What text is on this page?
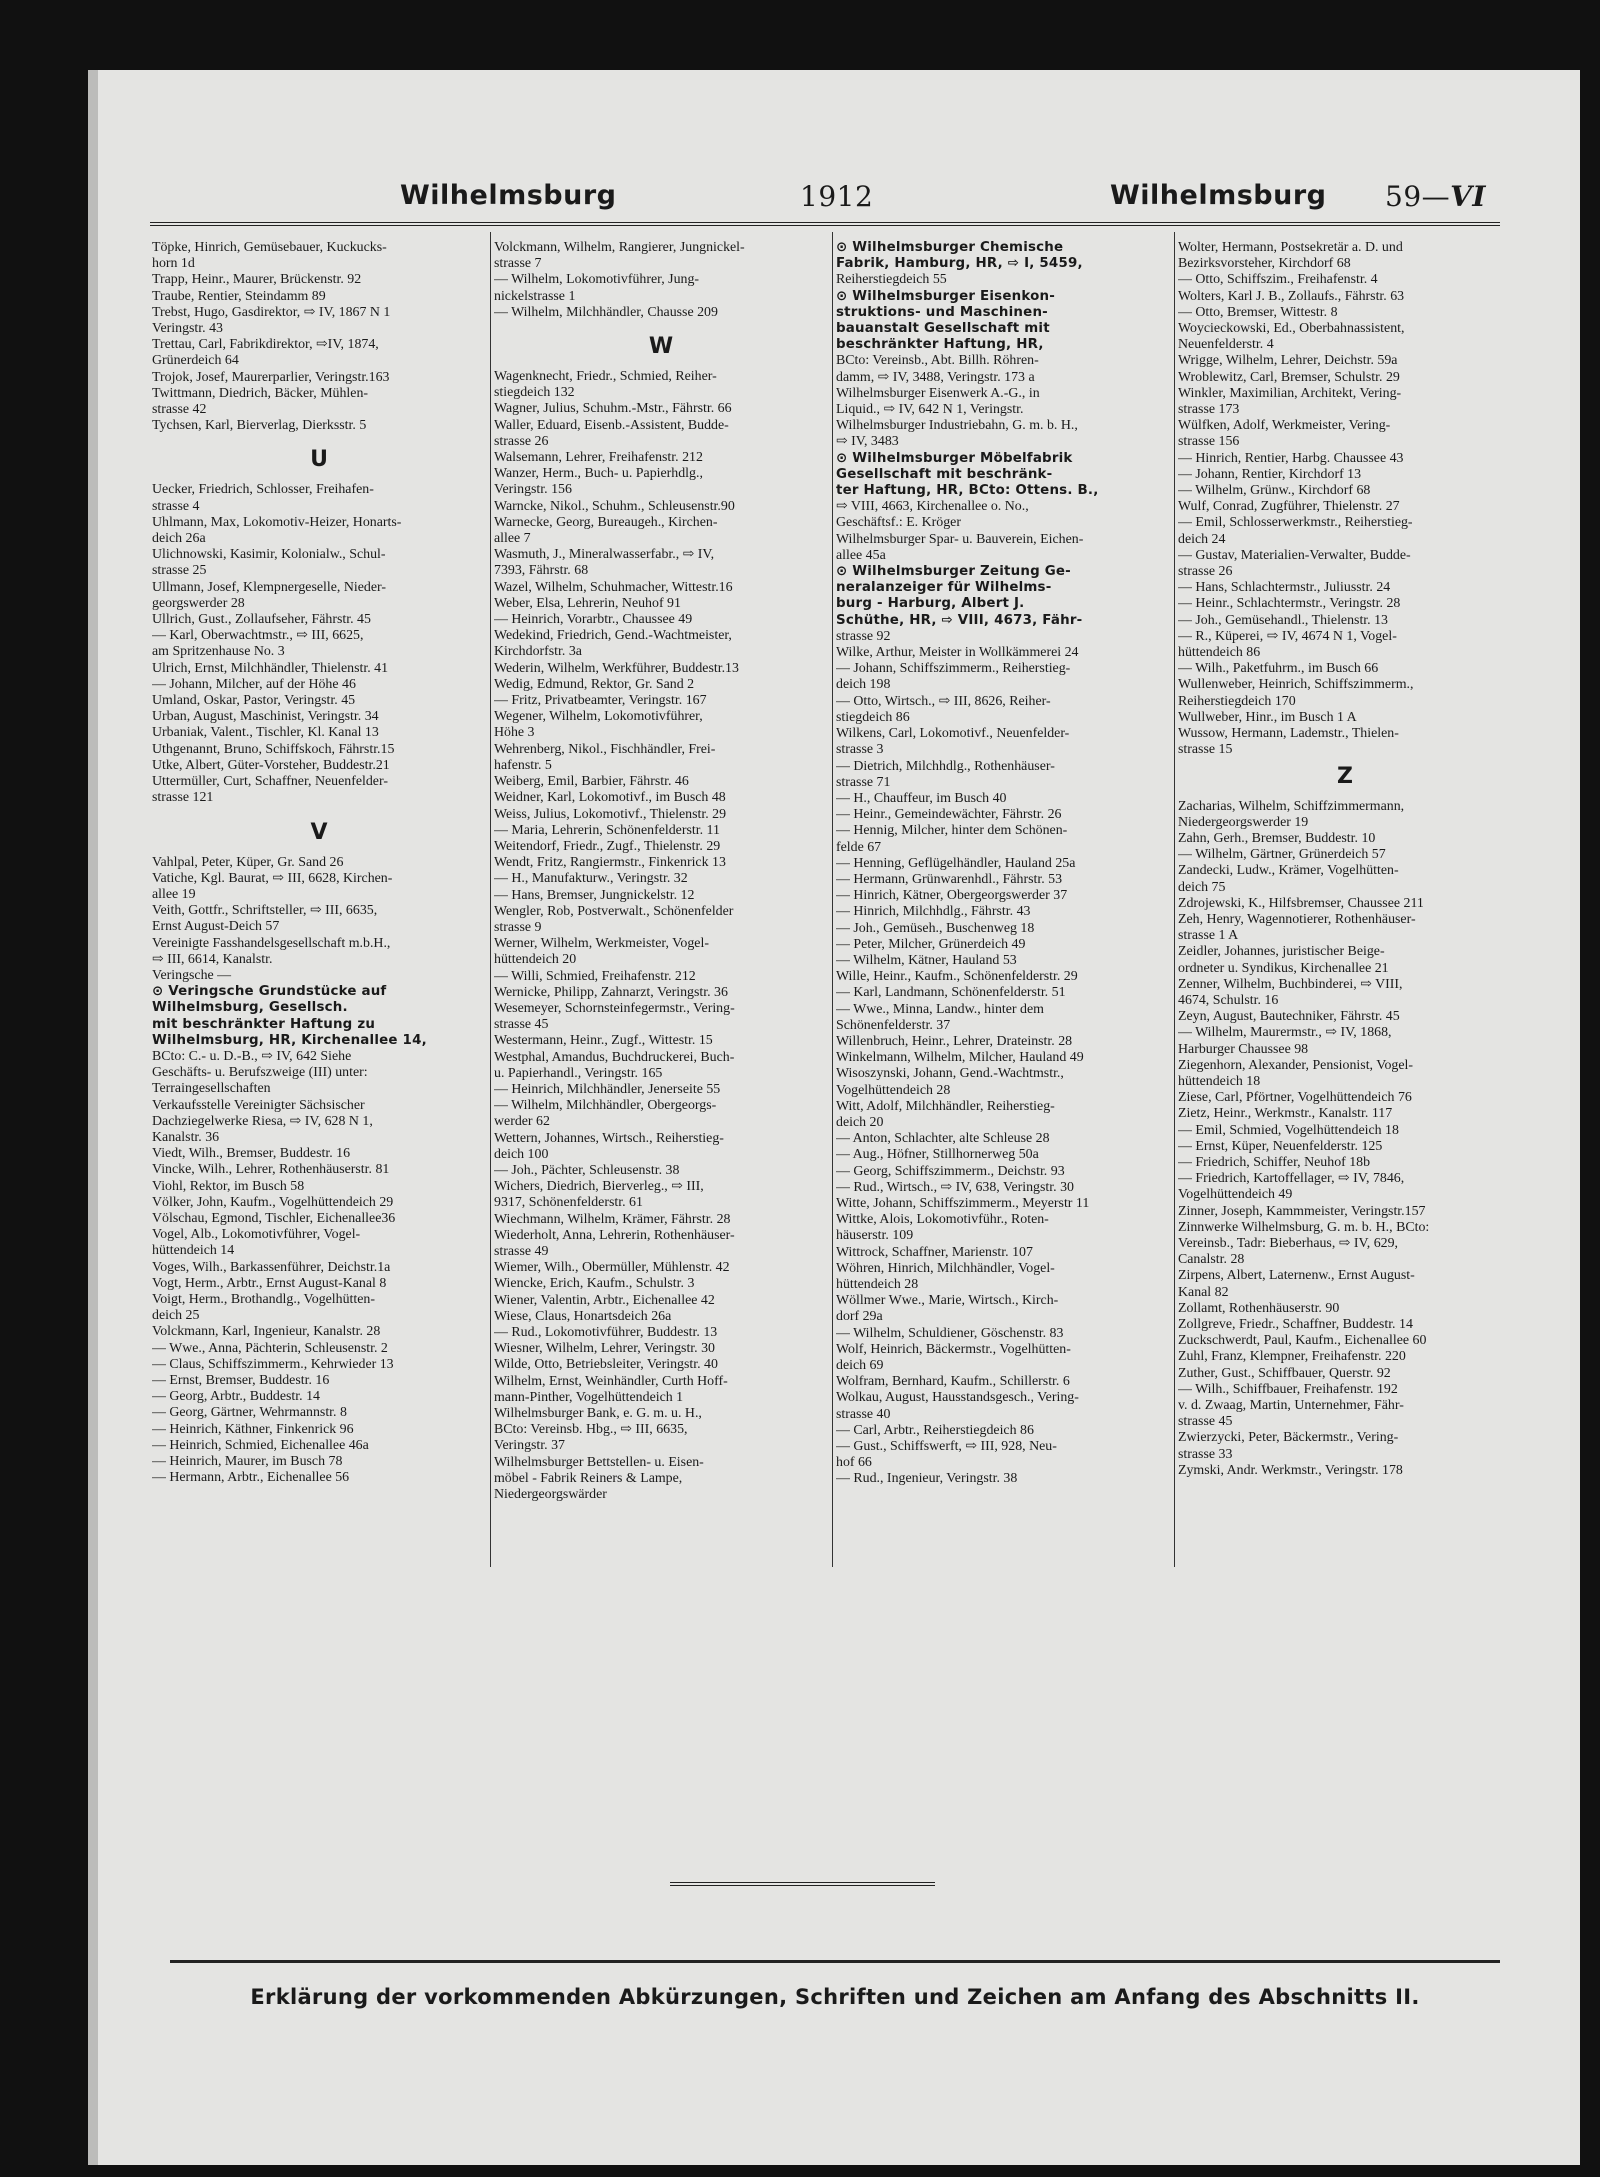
Wilhelmsburg	1912	Wilhelmsburg 59—VI
Töpke, Hinrich, Gemüsebauer, Kuckucks-
horn 1d
Trapp, Heinr., Maurer, Brückenstr. 92
Traube, Rentier, Steindamm 89
Trebst, Hugo, Gasdirektor, ⇨ IV, 1867 N 1
Veringstr. 43
Trettau, Carl, Fabrikdirektor, ⇨IV, 1874,
Grünerdeich 64
Trojok, Josef, Maurerparlier, Veringstr.163
Twittmann, Diedrich, Bäcker, Mühlen-
strasse 42
Tychsen, Karl, Bierverlag, Dierksstr. 5
U
Uecker, Friedrich, Schlosser, Freihafen-
strasse 4
Uhlmann, Max, Lokomotiv-Heizer, Honarts-
deich 26a
Ulichnowski, Kasimir, Kolonialw., Schul-
strasse 25
Ullmann, Josef, Klempnergeselle, Nieder-
georgswerder 28
Ullrich, Gust., Zollaufseher, Fährstr. 45
— Karl, Oberwachtmstr., ⇨ III, 6625,
am Spritzenhause No. 3
Ulrich, Ernst, Milchhändler, Thielenstr. 41
— Johann, Milcher, auf der Höhe 46
Umland, Oskar, Pastor, Veringstr. 45
Urban, August, Maschinist, Veringstr. 34
Urbaniak, Valent., Tischler, Kl. Kanal 13
Uthgenannt, Bruno, Schiffskoch, Fährstr.15
Utke, Albert, Güter-Vorsteher, Buddestr.21
Uttermüller, Curt, Schaffner, Neuenfelder-
strasse 121
V
Vahlpal, Peter, Küper, Gr. Sand 26
Vatiche, Kgl. Baurat, ⇨ III, 6628, Kirchen-
allee 19
Veith, Gottfr., Schriftsteller, ⇨ III, 6635,
Ernst August-Deich 57
Vereinigte Fasshandelsgesellschaft m.b.H.,
⇨ III, 6614, Kanalstr.
Veringsche —
⊙ Veringsche Grundstücke auf
Wilhelmsburg, Gesellsch.
mit beschränkter Haftung zu
Wilhelmsburg, HR, Kirchenallee 14,
BCto: C.- u. D.-B., ⇨ IV, 642 Siehe
Geschäfts- u. Berufszweige (III) unter:
Terraingesellschaften
Verkaufsstelle Vereinigter Sächsischer
Dachziegelwerke Riesa, ⇨ IV, 628 N 1,
Kanalstr. 36
Viedt, Wilh., Bremser, Buddestr. 16
Vincke, Wilh., Lehrer, Rothenhäuserstr. 81
Viohl, Rektor, im Busch 58
Völker, John, Kaufm., Vogelhüttendeich 29
Völschau, Egmond, Tischler, Eichenallee36
Vogel, Alb., Lokomotivführer, Vogel-
hüttendeich 14
Voges, Wilh., Barkassenführer, Deichstr.1a
Vogt, Herm., Arbtr., Ernst August-Kanal 8
Voigt, Herm., Brothandlg., Vogelhütten-
deich 25
Volckmann, Karl, Ingenieur, Kanalstr. 28
— Wwe., Anna, Pächterin, Schleusenstr. 2
— Claus, Schiffszimmerm., Kehrwieder 13
— Ernst, Bremser, Buddestr. 16
— Georg, Arbtr., Buddestr. 14
— Georg, Gärtner, Wehrmannstr. 8
— Heinrich, Käthner, Finkenrick 96
— Heinrich, Schmied, Eichenallee 46a
— Heinrich, Maurer, im Busch 78
— Hermann, Arbtr., Eichenallee 56
Volckmann, Wilhelm, Rangierer, Jungnickel-
strasse 7
— Wilhelm, Lokomotivführer, Jung-
nickelstrasse 1
— Wilhelm, Milchhändler, Chausse 209
W
Wagenknecht, Friedr., Schmied, Reiher-
stiegdeich 132
Wagner, Julius, Schuhm.-Mstr., Fährstr. 66
Waller, Eduard, Eisenb.-Assistent, Budde-
strasse 26
Walsemann, Lehrer, Freihafenstr. 212
Wanzer, Herm., Buch- u. Papierhdlg.,
Veringstr. 156
Warncke, Nikol., Schuhm., Schleusenstr.90
Warnecke, Georg, Bureaugeh., Kirchen-
allee 7
Wasmuth, J., Mineralwasserfabr., ⇨ IV,
7393, Fährstr. 68
Wazel, Wilhelm, Schuhmacher, Wittestr.16
Weber, Elsa, Lehrerin, Neuhof 91
— Heinrich, Vorarbtr., Chaussee 49
Wedekind, Friedrich, Gend.-Wachtmeister,
Kirchdorfstr. 3a
Wederin, Wilhelm, Werkführer, Buddestr.13
Wedig, Edmund, Rektor, Gr. Sand 2
— Fritz, Privatbeamter, Veringstr. 167
Wegener, Wilhelm, Lokomotivführer,
Höhe 3
Wehrenberg, Nikol., Fischhändler, Frei-
hafenstr. 5
Weiberg, Emil, Barbier, Fährstr. 46
Weidner, Karl, Lokomotivf., im Busch 48
Weiss, Julius, Lokomotivf., Thielenstr. 29
— Maria, Lehrerin, Schönenfelderstr. 11
Weitendorf, Friedr., Zugf., Thielenstr. 29
Wendt, Fritz, Rangiermstr., Finkenrick 13
— H., Manufakturw., Veringstr. 32
— Hans, Bremser, Jungnickelstr. 12
Wengler, Rob, Postverwalt., Schönenfelder
strasse 9
Werner, Wilhelm, Werkmeister, Vogel-
hüttendeich 20
— Willi, Schmied, Freihafenstr. 212
Wernicke, Philipp, Zahnarzt, Veringstr. 36
Wesemeyer, Schornsteinfegermstr., Vering-
strasse 45
Westermann, Heinr., Zugf., Wittestr. 15
Westphal, Amandus, Buchdruckerei, Buch-
u. Papierhandl., Veringstr. 165
— Heinrich, Milchhändler, Jenerseite 55
— Wilhelm, Milchhändler, Obergeorgs-
werder 62
Wettern, Johannes, Wirtsch., Reiherstieg-
deich 100
— Joh., Pächter, Schleusenstr. 38
Wichers, Diedrich, Bierverleg., ⇨ III,
9317, Schönenfelderstr. 61
Wiechmann, Wilhelm, Krämer, Fährstr. 28
Wiederholt, Anna, Lehrerin, Rothenhäuser-
strasse 49
Wiemer, Wilh., Obermüller, Mühlenstr. 42
Wiencke, Erich, Kaufm., Schulstr. 3
Wiener, Valentin, Arbtr., Eichenallee 42
Wiese, Claus, Honartsdeich 26a
— Rud., Lokomotivführer, Buddestr. 13
Wiesner, Wilhelm, Lehrer, Veringstr. 30
Wilde, Otto, Betriebsleiter, Veringstr. 40
Wilhelm, Ernst, Weinhändler, Curth Hoff-
mann-Pinther, Vogelhüttendeich 1
Wilhelmsburger Bank, e. G. m. u. H.,
BCto: Vereinsb. Hbg., ⇨ III, 6635,
Veringstr. 37
Wilhelmsburger Bettstellen- u. Eisen-
möbel - Fabrik Reiners & Lampe,
Niedergeorgswärder
⊙ Wilhelmsburger Chemische
Fabrik, Hamburg, HR, ⇨ I, 5459,
Reiherstiegdeich 55
⊙ Wilhelmsburger Eisenkon-
struktions- und Maschinen-
bauanstalt Gesellschaft mit
beschränkter Haftung, HR,
BCto: Vereinsb., Abt. Billh. Röhren-
damm, ⇨ IV, 3488, Veringstr. 173 a
Wilhelmsburger Eisenwerk A.-G., in
Liquid., ⇨ IV, 642 N 1, Veringstr.
Wilhelmsburger Industriebahn, G. m. b. H.,
⇨ IV, 3483
⊙ Wilhelmsburger Möbelfabrik
Gesellschaft mit beschränk-
ter Haftung, HR, BCto: Ottens. B.,
⇨ VIII, 4663, Kirchenallee o. No.,
Geschäftsf.: E. Kröger
Wilhelmsburger Spar- u. Bauverein, Eichen-
allee 45a
⊙ Wilhelmsburger Zeitung Ge-
neralanzeiger für Wilhelms-
burg - Harburg, Albert J.
Schüthe, HR, ⇨ VIII, 4673, Fähr-
strasse 92
Wilke, Arthur, Meister in Wollkämmerei 24
— Johann, Schiffszimmerm., Reiherstieg-
deich 198
— Otto, Wirtsch., ⇨ III, 8626, Reiher-
stiegdeich 86
Wilkens, Carl, Lokomotivf., Neuenfelder-
strasse 3
— Dietrich, Milchhdlg., Rothenhäuser-
strasse 71
— H., Chauffeur, im Busch 40
— Heinr., Gemeindewächter, Fährstr. 26
— Hennig, Milcher, hinter dem Schönen-
felde 67
— Henning, Geflügelhändler, Hauland 25a
— Hermann, Grünwarenhdl., Fährstr. 53
— Hinrich, Kätner, Obergeorgswerder 37
— Hinrich, Milchhdlg., Fährstr. 43
— Joh., Gemüseh., Buschenweg 18
— Peter, Milcher, Grünerdeich 49
— Wilhelm, Kätner, Hauland 53
Wille, Heinr., Kaufm., Schönenfelderstr. 29
— Karl, Landmann, Schönenfelderstr. 51
— Wwe., Minna, Landw., hinter dem
Schönenfelderstr. 37
Willenbruch, Heinr., Lehrer, Drateinstr. 28
Winkelmann, Wilhelm, Milcher, Hauland 49
Wisoszynski, Johann, Gend.-Wachtmstr.,
Vogelhüttendeich 28
Witt, Adolf, Milchhändler, Reiherstieg-
deich 20
— Anton, Schlachter, alte Schleuse 28
— Aug., Höfner, Stillhornerweg 50a
— Georg, Schiffszimmerm., Deichstr. 93
— Rud., Wirtsch., ⇨ IV, 638, Veringstr. 30
Witte, Johann, Schiffszimmerm., Meyerstr 11
Wittke, Alois, Lokomotivführ., Roten-
häuserstr. 109
Wittrock, Schaffner, Marienstr. 107
Wöhren, Hinrich, Milchhändler, Vogel-
hüttendeich 28
Wöllmer Wwe., Marie, Wirtsch., Kirch-
dorf 29a
— Wilhelm, Schuldiener, Göschenstr. 83
Wolf, Heinrich, Bäckermstr., Vogelhütten-
deich 69
Wolfram, Bernhard, Kaufm., Schillerstr. 6
Wolkau, August, Hausstandsgesch., Vering-
strasse 40
— Carl, Arbtr., Reiherstiegdeich 86
— Gust., Schiffswerft, ⇨ III, 928, Neu-
hof 66
— Rud., Ingenieur, Veringstr. 38
Wolter, Hermann, Postsekretär a. D. und
Bezirksvorsteher, Kirchdorf 68
— Otto, Schiffszim., Freihafenstr. 4
Wolters, Karl J. B., Zollaufs., Fährstr. 63
— Otto, Bremser, Wittestr. 8
Woycieckowski, Ed., Oberbahnassistent,
Neuenfelderstr. 4
Wrigge, Wilhelm, Lehrer, Deichstr. 59a
Wroblewitz, Carl, Bremser, Schulstr. 29
Winkler, Maximilian, Architekt, Vering-
strasse 173
Wülfken, Adolf, Werkmeister, Vering-
strasse 156
— Hinrich, Rentier, Harbg. Chaussee 43
— Johann, Rentier, Kirchdorf 13
— Wilhelm, Grünw., Kirchdorf 68
Wulf, Conrad, Zugführer, Thielenstr. 27
— Emil, Schlosserwerkmstr., Reiherstieg-
deich 24
— Gustav, Materialien-Verwalter, Budde-
strasse 26
— Hans, Schlachtermstr., Juliusstr. 24
— Heinr., Schlachtermstr., Veringstr. 28
— Joh., Gemüsehandl., Thielenstr. 13
— R., Küperei, ⇨ IV, 4674 N 1, Vogel-
hüttendeich 86
— Wilh., Paketfuhrm., im Busch 66
Wullenweber, Heinrich, Schiffszimmerm.,
Reiherstiegdeich 170
Wullweber, Hinr., im Busch 1 A
Wussow, Hermann, Lademstr., Thielen-
strasse 15
Z
Zacharias, Wilhelm, Schiffzimmermann,
Niedergeorgswerder 19
Zahn, Gerh., Bremser, Buddestr. 10
— Wilhelm, Gärtner, Grünerdeich 57
Zandecki, Ludw., Krämer, Vogelhütten-
deich 75
Zdrojewski, K., Hilfsbremser, Chaussee 211
Zeh, Henry, Wagennotierer, Rothenhäuser-
strasse 1 A
Zeidler, Johannes, juristischer Beige-
ordneter u. Syndikus, Kirchenallee 21
Zenner, Wilhelm, Buchbinderei, ⇨ VIII,
4674, Schulstr. 16
Zeyn, August, Bautechniker, Fährstr. 45
— Wilhelm, Maurermstr., ⇨ IV, 1868,
Harburger Chaussee 98
Ziegenhorn, Alexander, Pensionist, Vogel-
hüttendeich 18
Ziese, Carl, Pförtner, Vogelhüttendeich 76
Zietz, Heinr., Werkmstr., Kanalstr. 117
— Emil, Schmied, Vogelhüttendeich 18
— Ernst, Küper, Neuenfelderstr. 125
— Friedrich, Schiffer, Neuhof 18b
— Friedrich, Kartoffellager, ⇨ IV, 7846,
Vogelhüttendeich 49
Zinner, Joseph, Kammmeister, Veringstr.157
Zinnwerke Wilhelmsburg, G. m. b. H., BCto:
Vereinsb., Tadr: Bieberhaus, ⇨ IV, 629,
Canalstr. 28
Zirpens, Albert, Laternenw., Ernst August-
Kanal 82
Zollamt, Rothenhäuserstr. 90
Zollgreve, Friedr., Schaffner, Buddestr. 14
Zuckschwerdt, Paul, Kaufm., Eichenallee 60
Zuhl, Franz, Klempner, Freihafenstr. 220
Zuther, Gust., Schiffbauer, Querstr. 92
— Wilh., Schiffbauer, Freihafenstr. 192
v. d. Zwaag, Martin, Unternehmer, Fähr-
strasse 45
Zwierzycki, Peter, Bäckermstr., Vering-
strasse 33
Zymski, Andr. Werkmstr., Veringstr. 178
Erklärung der vorkommenden Abkürzungen, Schriften und Zeichen am Anfang des Abschnitts II.
